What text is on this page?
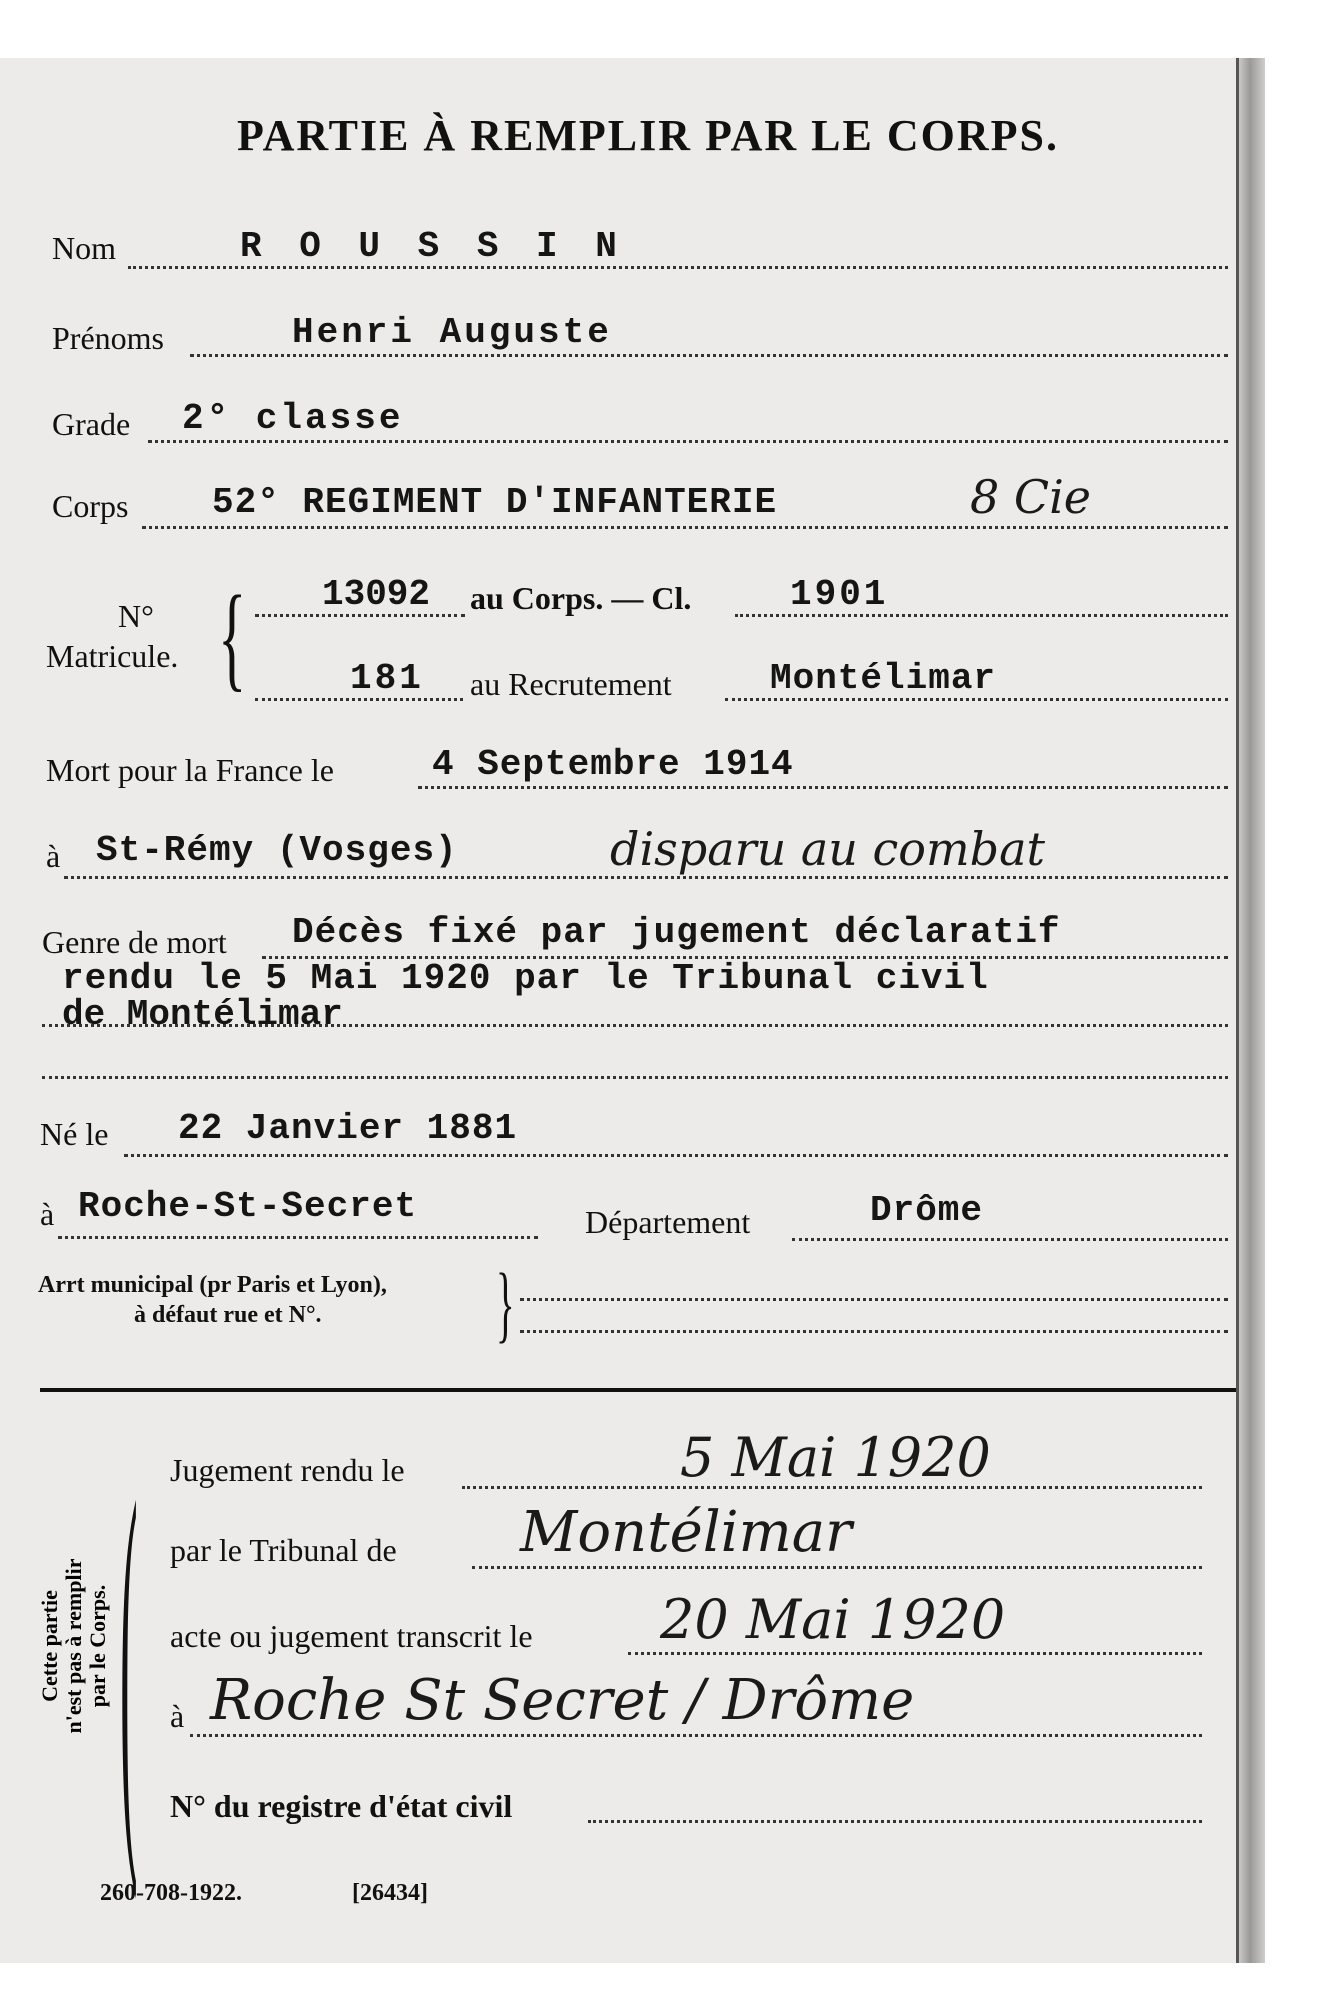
PARTIE À REMPLIR PAR LE CORPS.
Nom	R O U S S I N
Prénoms	Henri Auguste
Grade 2° classe
Corps 52° REGIMENT D'INFANTERIE	8 Cie
N°
Matricule. { 13092 au Corps. — Cl.	1901
181 au Recrutement	Montélimar
Mort pour la France le	4 Septembre 1914
à St-Rémy (Vosges)	disparu au combat
Genre de mort Décès fixé par jugement déclaratif
rendu le 5 Mai 1920 par le Tribunal civil
de Montélimar
Né le 22 Janvier 1881
à Roche-St-Secret	Département	Drôme
Arrt municipal (pr Paris et Lyon),
à défaut rue et N°. }
Cette partie n'est pas à remplir par le Corps. ( Jugement rendu le	5 Mai 1920
par le Tribunal de Montélimar
acte ou jugement transcrit le 20 Mai 1920
à Roche St Secret / Drôme
N° du registre d'état civil
260-708-1922.	[26434]
